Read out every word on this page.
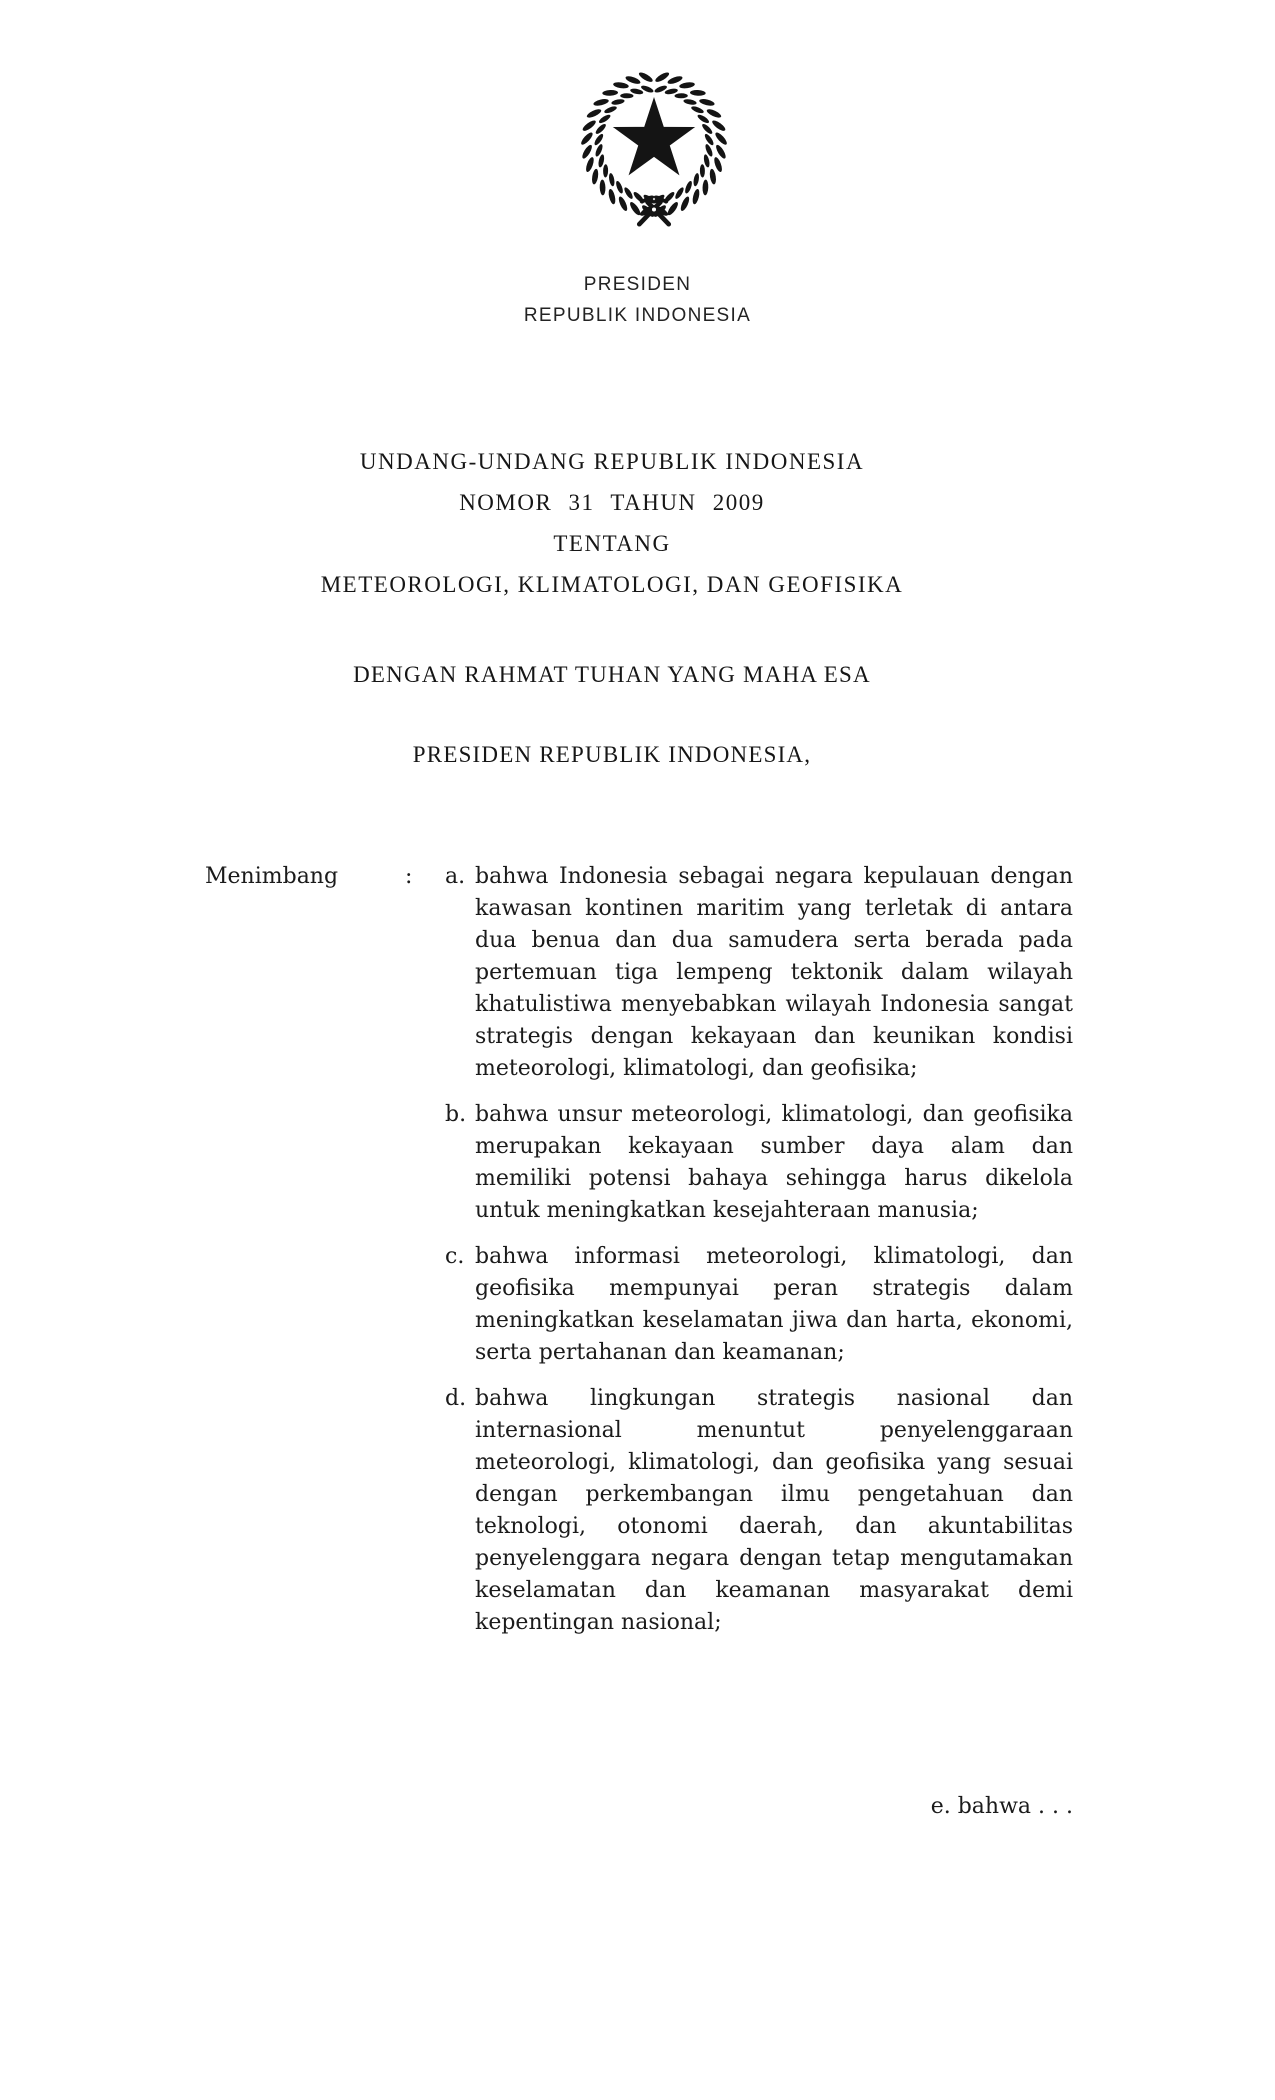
PRESIDEN
REPUBLIK INDONESIA
UNDANG-UNDANG REPUBLIK INDONESIA
NOMOR 31 TAHUN 2009
TENTANG
METEOROLOGI, KLIMATOLOGI, DAN GEOFISIKA
DENGAN RAHMAT TUHAN YANG MAHA ESA
PRESIDEN REPUBLIK INDONESIA,
Menimbang	:	a. bahwa Indonesia sebagai negara kepulauan dengan kawasan kontinen maritim yang terletak di antara dua benua dan dua samudera serta berada pada pertemuan tiga lempeng tektonik dalam wilayah khatulistiwa menyebabkan wilayah Indonesia sangat strategis dengan kekayaan dan keunikan kondisi meteorologi, klimatologi, dan geofisika;
b. bahwa unsur meteorologi, klimatologi, dan geofisika merupakan kekayaan sumber daya alam dan memiliki potensi bahaya sehingga harus dikelola untuk meningkatkan kesejahteraan manusia;
c. bahwa informasi meteorologi, klimatologi, dan geofisika mempunyai peran strategis dalam meningkatkan keselamatan jiwa dan harta, ekonomi, serta pertahanan dan keamanan;
d. bahwa lingkungan strategis nasional dan internasional menuntut penyelenggaraan meteorologi, klimatologi, dan geofisika yang sesuai dengan perkembangan ilmu pengetahuan dan teknologi, otonomi daerah, dan akuntabilitas penyelenggara negara dengan tetap mengutamakan keselamatan dan keamanan masyarakat demi kepentingan nasional;
e. bahwa . . .
